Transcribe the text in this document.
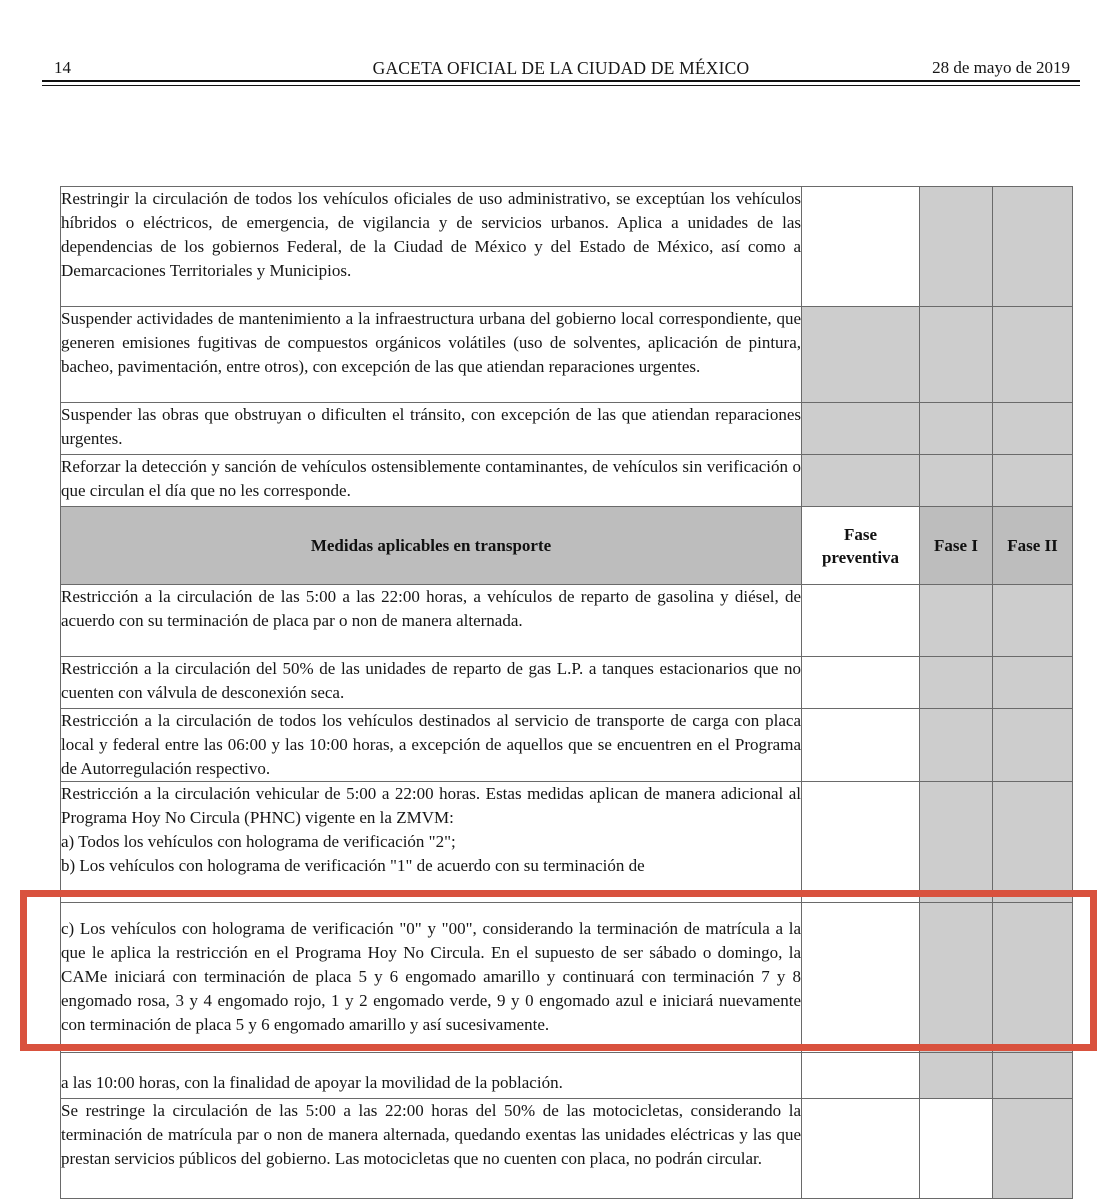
14	GACETA OFICIAL DE LA CIUDAD DE MÉXICO	28 de mayo de 2019
Restringir la circulación de todos los vehículos oficiales de uso administrativo, se exceptúan los vehículos híbridos o eléctricos, de emergencia, de vigilancia y de servicios urbanos. Aplica a unidades de las dependencias de los gobiernos Federal, de la Ciudad de México y del Estado de México, así como a Demarcaciones Territoriales y Municipios.			
Suspender actividades de mantenimiento a la infraestructura urbana del gobierno local correspondiente, que generen emisiones fugitivas de compuestos orgánicos volátiles (uso de solventes, aplicación de pintura, bacheo, pavimentación, entre otros), con excepción de las que atiendan reparaciones urgentes.			
Suspender las obras que obstruyan o dificulten el tránsito, con excepción de las que atiendan reparaciones urgentes.			
Reforzar la detección y sanción de vehículos ostensiblemente contaminantes, de vehículos sin verificación o que circulan el día que no les corresponde.			
Medidas aplicables en transporte	Fase preventiva	Fase I	Fase II
Restricción a la circulación de las 5:00 a las 22:00 horas, a vehículos de reparto de gasolina y diésel, de acuerdo con su terminación de placa par o non de manera alternada.			
Restricción a la circulación del 50% de las unidades de reparto de gas L.P. a tanques estacionarios que no cuenten con válvula de desconexión seca.			
Restricción a la circulación de todos los vehículos destinados al servicio de transporte de carga con placa local y federal entre las 06:00 y las 10:00 horas, a excepción de aquellos que se encuentren en el Programa de Autorregulación respectivo.			

Restricción a la circulación vehicular de 5:00 a 22:00 horas. Estas medidas aplican de manera adicional al Programa Hoy No Circula (PHNC) vigente en la ZMVM:
a) Todos los vehículos con holograma de verificación "2";
b) Los vehículos con holograma de verificación "1" de acuerdo con su terminación de			

c) Los vehículos con holograma de verificación "0" y "00", considerando la terminación de matrícula a la que le aplica la restricción en el Programa Hoy No Circula. En el supuesto de ser sábado o domingo, la CAMe iniciará con terminación de placa 5 y 6 engomado amarillo y continuará con terminación 7 y 8 engomado rosa, 3 y 4 engomado rojo, 1 y 2 engomado verde, 9 y 0 engomado azul e iniciará nuevamente con terminación de placa 5 y 6 engomado amarillo y así sucesivamente.			
a las 10:00 horas, con la finalidad de apoyar la movilidad de la población.			
Se restringe la circulación de las 5:00 a las 22:00 horas del 50% de las motocicletas, considerando la terminación de matrícula par o non de manera alternada, quedando exentas las unidades eléctricas y las que prestan servicios públicos del gobierno. Las motocicletas que no cuenten con placa, no podrán circular.			
